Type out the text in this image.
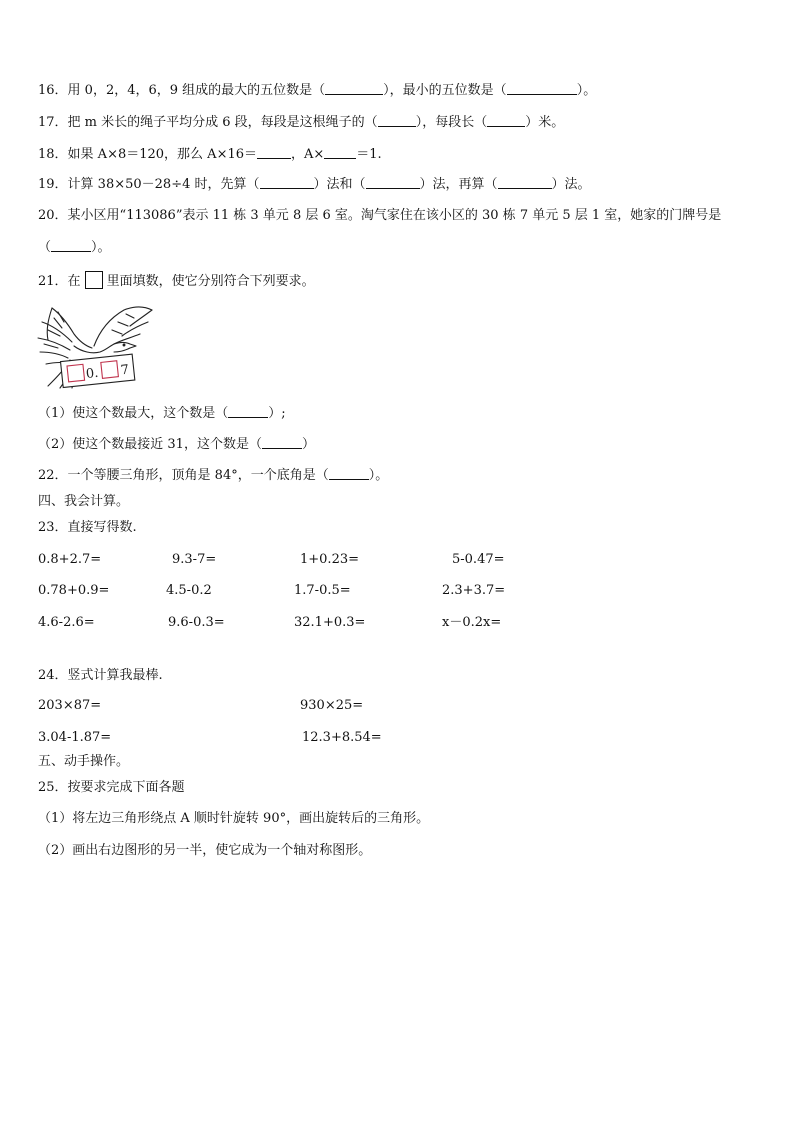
16．用 0，2，4，6，9 组成的最大的五位数是（	），最小的五位数是（	）。
17．把 m 米长的绳子平均分成 6 段，每段是这根绳子的（	），每段长（	）米。
18．如果 A×8＝120，那么 A×16＝	，A× ＝1.
19．计算 38×50－28÷4 时，先算（	）法和（	）法，再算（	）法。
20．某小区用“113086”表示 11 栋 3 单元 8 层 6 室。淘气家住在该小区的 30 栋 7 单元 5 层 1 室，她家的门牌号是
（	）。
21．在 里面填数，使它分别符合下列要求。
0. 7
（1）使这个数最大，这个数是（	）;
（2）使这个数最接近 31，这个数是（	）
22．一个等腰三角形，顶角是 84°，一个底角是（	）。
四、我会计算。
23．直接写得数.
0.8+2.7=	9.3-7=	1+0.23=	5-0.47=
0.78+0.9=	4.5-0.2	1.7-0.5=	2.3+3.7=
4.6-2.6=	9.6-0.3=	32.1+0.3=	x－0.2x=
24．竖式计算我最棒.
203×87=	930×25=
3.04-1.87=	12.3+8.54=
五、动手操作。
25．按要求完成下面各题
（1）将左边三角形绕点 A 顺时针旋转 90°，画出旋转后的三角形。
（2）画出右边图形的另一半，使它成为一个轴对称图形。
